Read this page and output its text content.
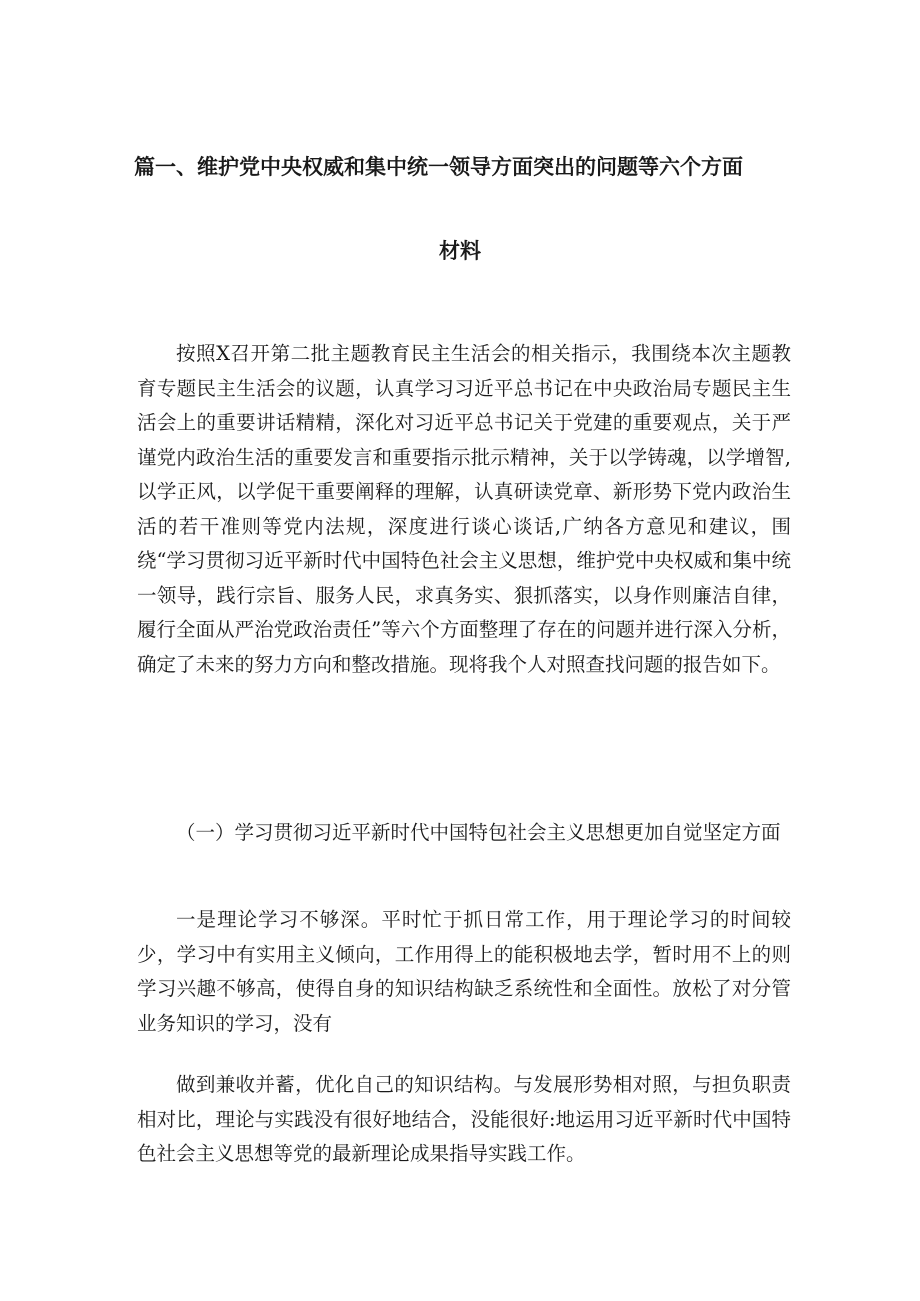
篇一、维护党中央权威和集中统一领导方面突出的问题等六个方面
材料
按照X召开第二批主题教育民主生活会的相关指示，我围绕本次主题教育专题民主生活会的议题，认真学习习近平总书记在中央政治局专题民主生活会上的重要讲话精精，深化对习近平总书记关于党建的重要观点，关于严谨党内政治生活的重要发言和重要指示批示精神，关于以学铸魂，以学增智,以学正风，以学促干重要阐释的理解，认真研读党章、新形势下党内政治生活的若干准则等党内法规，深度进行谈心谈话,广纳各方意见和建议，围绕“学习贯彻习近平新时代中国特色社会主义思想，维护党中央权威和集中统一领导，践行宗旨、服务人民，求真务实、狠抓落实，以身作则廉洁自律，履行全面从严治党政治责任”等六个方面整理了存在的问题并进行深入分析，确定了未来的努力方向和整改措施。现将我个人对照查找问题的报告如下。
（一）学习贯彻习近平新时代中国特包社会主义思想更加自觉坚定方面
一是理论学习不够深。平时忙于抓日常工作，用于理论学习的时间较少，学习中有实用主义倾向，工作用得上的能积极地去学，暂时用不上的则学习兴趣不够高，使得自身的知识结构缺乏系统性和全面性。放松了对分管业务知识的学习，没有
做到兼收并蓄，优化自己的知识结构。与发展形势相对照，与担负职责相对比，理论与实践没有很好地结合，没能很好:地运用习近平新时代中国特色社会主义思想等党的最新理论成果指导实践工作。
